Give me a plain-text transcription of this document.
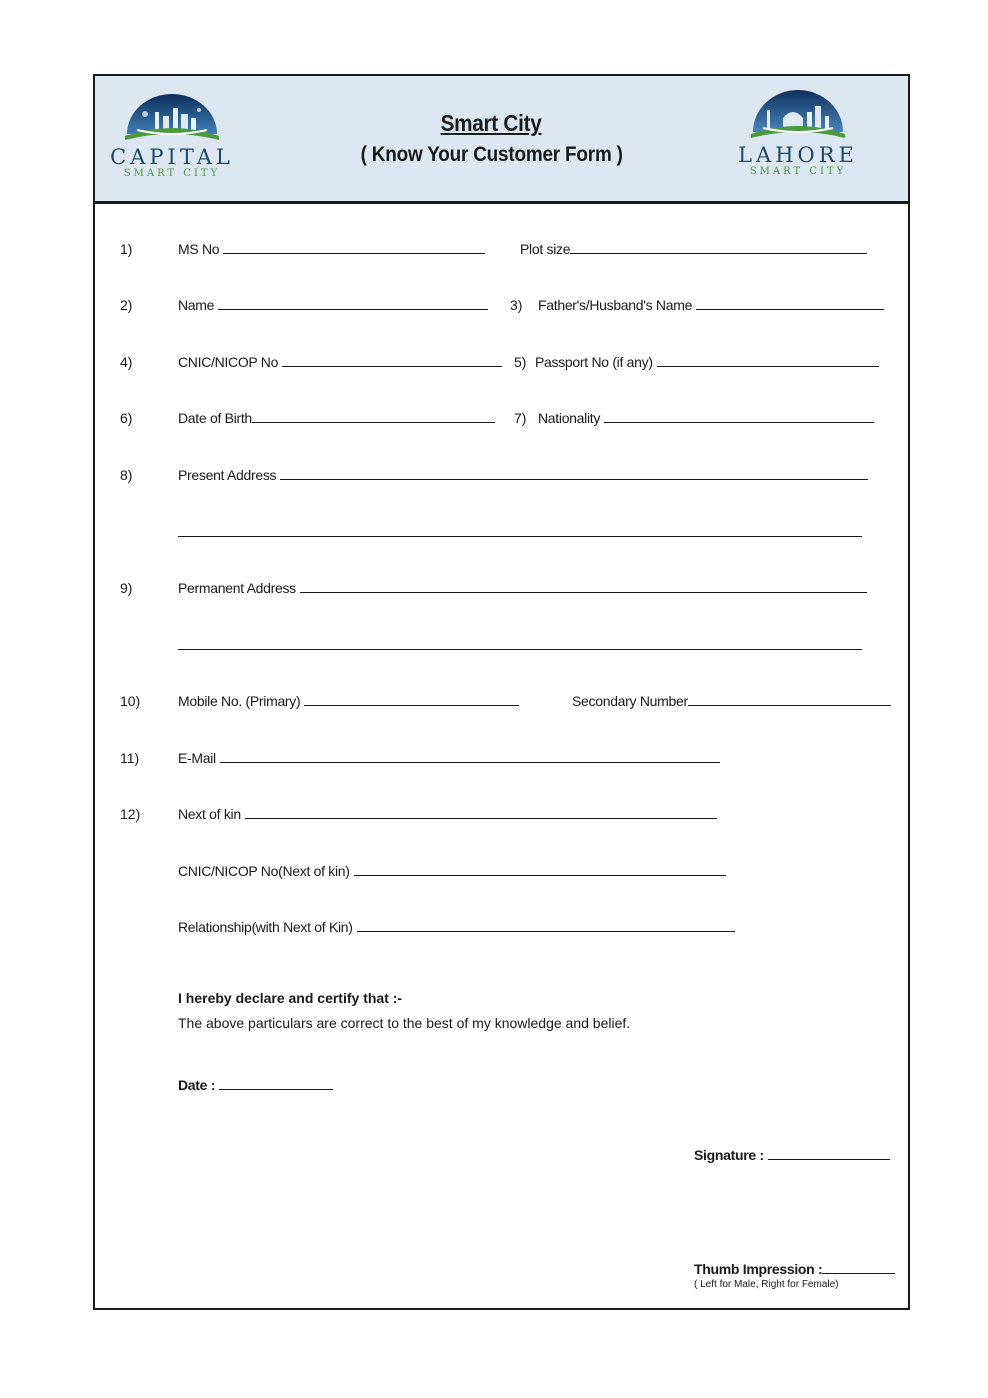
CAPITAL
SMART CITY
Smart City
( Know Your Customer Form )	LAHORE
SMART CITY
1)	MS No	Plot size
2)	Name	3) Father's/Husband's Name
4)	CNIC/NICOP No	5) Passport No (if any)
6)	Date of Birth	7) Nationality
8)	Present Address
9)	Permanent Address
10)	Mobile No. (Primary)	Secondary Number
11)	E-Mail
12)	Next of kin
CNIC/NICOP No(Next of kin)
Relationship(with Next of Kin)
I hereby declare and certify that :-
The above particulars are correct to the best of my knowledge and belief.
Date :
Signature :
Thumb Impression :
( Left for Male, Right for Female)
